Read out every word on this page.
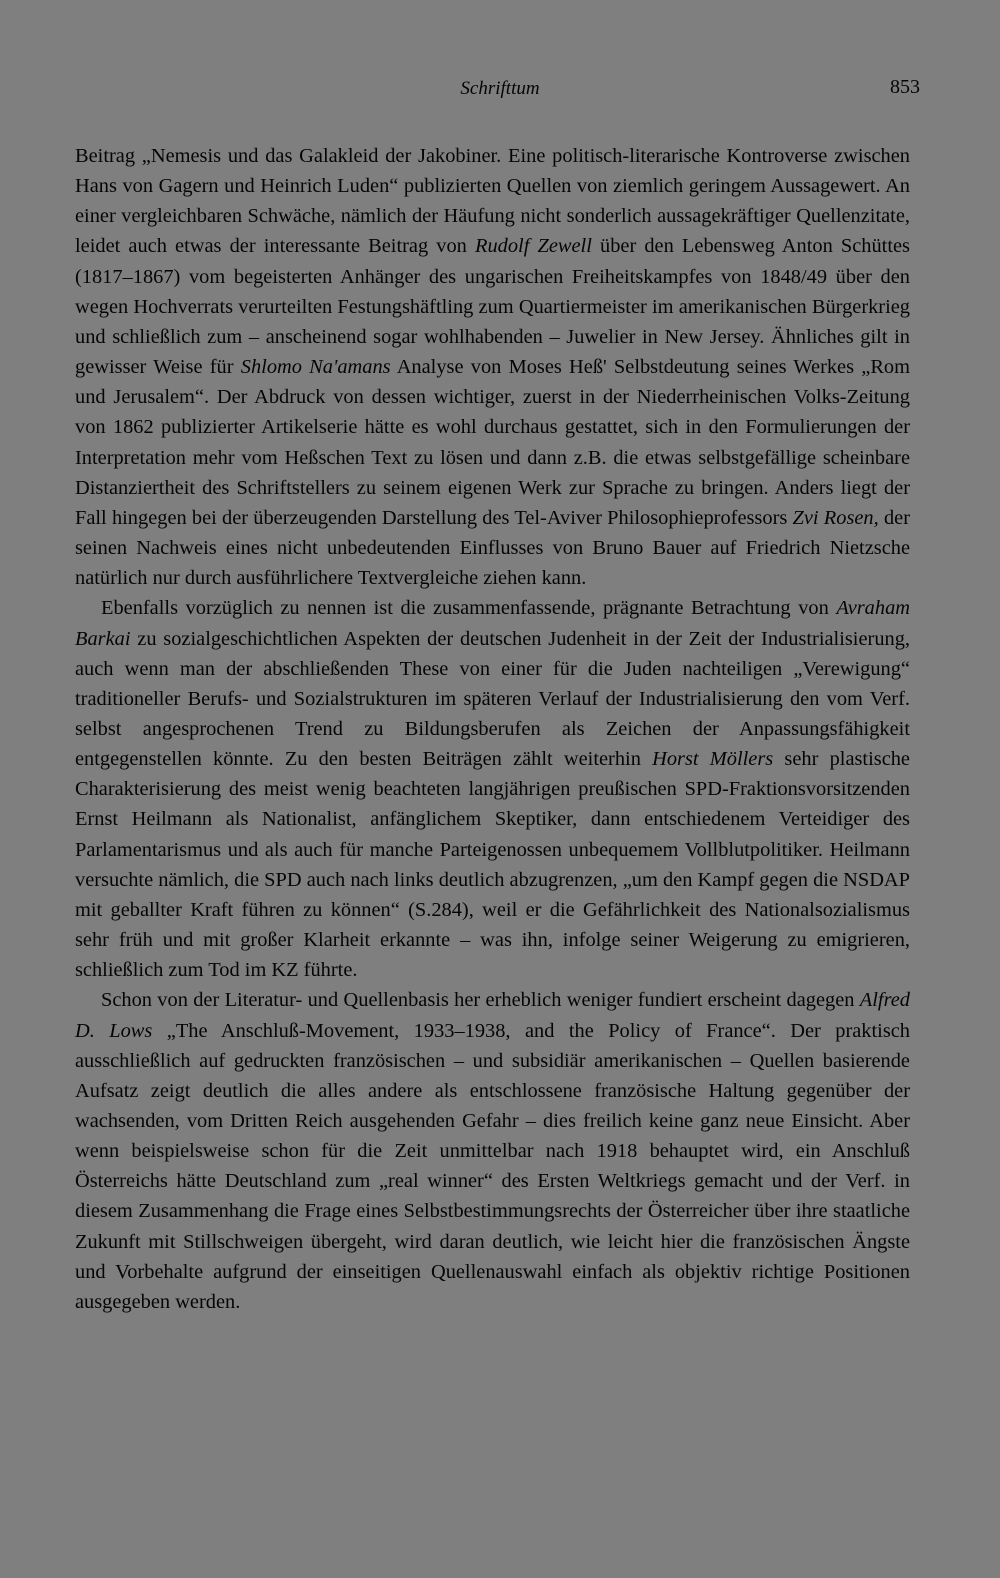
Schrifttum	853

Beitrag „Nemesis und das Galakleid der Jakobiner. Eine politisch-literarische Kontroverse zwischen Hans von Gagern und Heinrich Luden“ publizierten Quellen von ziemlich geringem Aussagewert. An einer vergleichbaren Schwäche, nämlich der Häufung nicht sonderlich aussagekräftiger Quellenzitate, leidet auch etwas der interessante Beitrag von Rudolf Zewell über den Lebensweg Anton Schüttes (1817–1867) vom begeisterten Anhänger des ungarischen Freiheitskampfes von 1848/49 über den wegen Hochverrats verurteilten Festungshäftling zum Quartiermeister im amerikanischen Bürgerkrieg und schließlich zum – anscheinend sogar wohlhabenden – Juwelier in New Jersey. Ähnliches gilt in gewisser Weise für Shlomo Na'amans Analyse von Moses Heß' Selbstdeutung seines Werkes „Rom und Jerusalem“. Der Abdruck von dessen wichtiger, zuerst in der Niederrheinischen Volks-Zeitung von 1862 publizierter Artikelserie hätte es wohl durchaus gestattet, sich in den Formulierungen der Interpretation mehr vom Heßschen Text zu lösen und dann z.B. die etwas selbstgefällige scheinbare Distanziertheit des Schriftstellers zu seinem eigenen Werk zur Sprache zu bringen. Anders liegt der Fall hingegen bei der überzeugenden Darstellung des Tel-Aviver Philosophieprofessors Zvi Rosen, der seinen Nachweis eines nicht unbedeutenden Einflusses von Bruno Bauer auf Friedrich Nietzsche natürlich nur durch ausführlichere Textvergleiche ziehen kann.

Ebenfalls vorzüglich zu nennen ist die zusammenfassende, prägnante Betrachtung von Avraham Barkai zu sozialgeschichtlichen Aspekten der deutschen Judenheit in der Zeit der Industrialisierung, auch wenn man der abschließenden These von einer für die Juden nachteiligen „Verewigung“ traditioneller Berufs- und Sozialstrukturen im späteren Verlauf der Industrialisierung den vom Verf. selbst angesprochenen Trend zu Bildungsberufen als Zeichen der Anpassungsfähigkeit entgegenstellen könnte. Zu den besten Beiträgen zählt weiterhin Horst Möllers sehr plastische Charakterisierung des meist wenig beachteten langjährigen preußischen SPD-Fraktionsvorsitzenden Ernst Heilmann als Nationalist, anfänglichem Skeptiker, dann entschiedenem Verteidiger des Parlamentarismus und als auch für manche Parteigenossen unbequemem Vollblutpolitiker. Heilmann versuchte nämlich, die SPD auch nach links deutlich abzugrenzen, „um den Kampf gegen die NSDAP mit geballter Kraft führen zu können“ (S.284), weil er die Gefährlichkeit des Nationalsozialismus sehr früh und mit großer Klarheit erkannte – was ihn, infolge seiner Weigerung zu emigrieren, schließlich zum Tod im KZ führte.

Schon von der Literatur- und Quellenbasis her erheblich weniger fundiert erscheint dagegen Alfred D. Lows „The Anschluß-Movement, 1933–1938, and the Policy of France“. Der praktisch ausschließlich auf gedruckten französischen – und subsidiär amerikanischen – Quellen basierende Aufsatz zeigt deutlich die alles andere als entschlossene französische Haltung gegenüber der wachsenden, vom Dritten Reich ausgehenden Gefahr – dies freilich keine ganz neue Einsicht. Aber wenn beispielsweise schon für die Zeit unmittelbar nach 1918 behauptet wird, ein Anschluß Österreichs hätte Deutschland zum „real winner“ des Ersten Weltkriegs gemacht und der Verf. in diesem Zusammenhang die Frage eines Selbstbestimmungsrechts der Österreicher über ihre staatliche Zukunft mit Stillschweigen übergeht, wird daran deutlich, wie leicht hier die französischen Ängste und Vorbehalte aufgrund der einseitigen Quellenauswahl einfach als objektiv richtige Positionen ausgegeben werden.
